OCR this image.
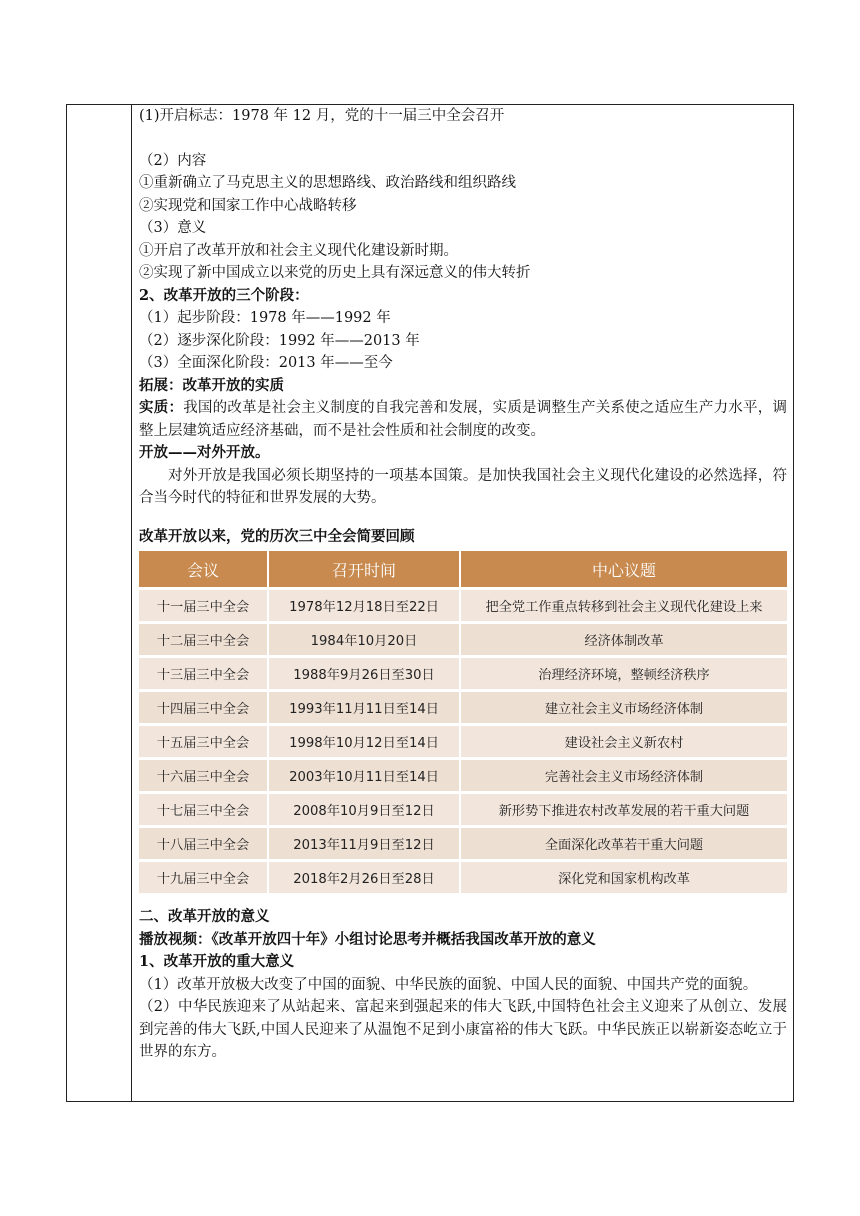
(1)开启标志：1978 年 12 月，党的十一届三中全会召开
（2）内容
①重新确立了马克思主义的思想路线、政治路线和组织路线
②实现党和国家工作中心战略转移
（3）意义
①开启了改革开放和社会主义现代化建设新时期。
②实现了新中国成立以来党的历史上具有深远意义的伟大转折
2、改革开放的三个阶段：
（1）起步阶段：1978 年——1992 年
（2）逐步深化阶段：1992 年——2013 年
（3）全面深化阶段：2013 年——至今
拓展：改革开放的实质
实质：我国的改革是社会主义制度的自我完善和发展，实质是调整生产关系使之适应生产力水平，调整上层建筑适应经济基础，而不是社会性质和社会制度的改变。
开放——对外开放。
对外开放是我国必须长期坚持的一项基本国策。是加快我国社会主义现代化建设的必然选择，符合当今时代的特征和世界发展的大势。
改革开放以来，党的历次三中全会简要回顾
会议	召开时间	中心议题
十一届三中全会	1978年12月18日至22日	把全党工作重点转移到社会主义现代化建设上来
十二届三中全会	1984年10月20日	经济体制改革
十三届三中全会	1988年9月26日至30日	治理经济环境，整顿经济秩序
十四届三中全会	1993年11月11日至14日	建立社会主义市场经济体制
十五届三中全会	1998年10月12日至14日	建设社会主义新农村
十六届三中全会	2003年10月11日至14日	完善社会主义市场经济体制
十七届三中全会	2008年10月9日至12日	新形势下推进农村改革发展的若干重大问题
十八届三中全会	2013年11月9日至12日	全面深化改革若干重大问题
十九届三中全会	2018年2月26日至28日	深化党和国家机构改革
二、改革开放的意义
播放视频：《改革开放四十年》小组讨论思考并概括我国改革开放的意义
1、改革开放的重大意义
（1）改革开放极大改变了中国的面貌、中华民族的面貌、中国人民的面貌、中国共产党的面貌。
（2）中华民族迎来了从站起来、富起来到强起来的伟大飞跃,中国特色社会主义迎来了从创立、发展到完善的伟大飞跃,中国人民迎来了从温饱不足到小康富裕的伟大飞跃。中华民族正以崭新姿态屹立于世界的东方。
